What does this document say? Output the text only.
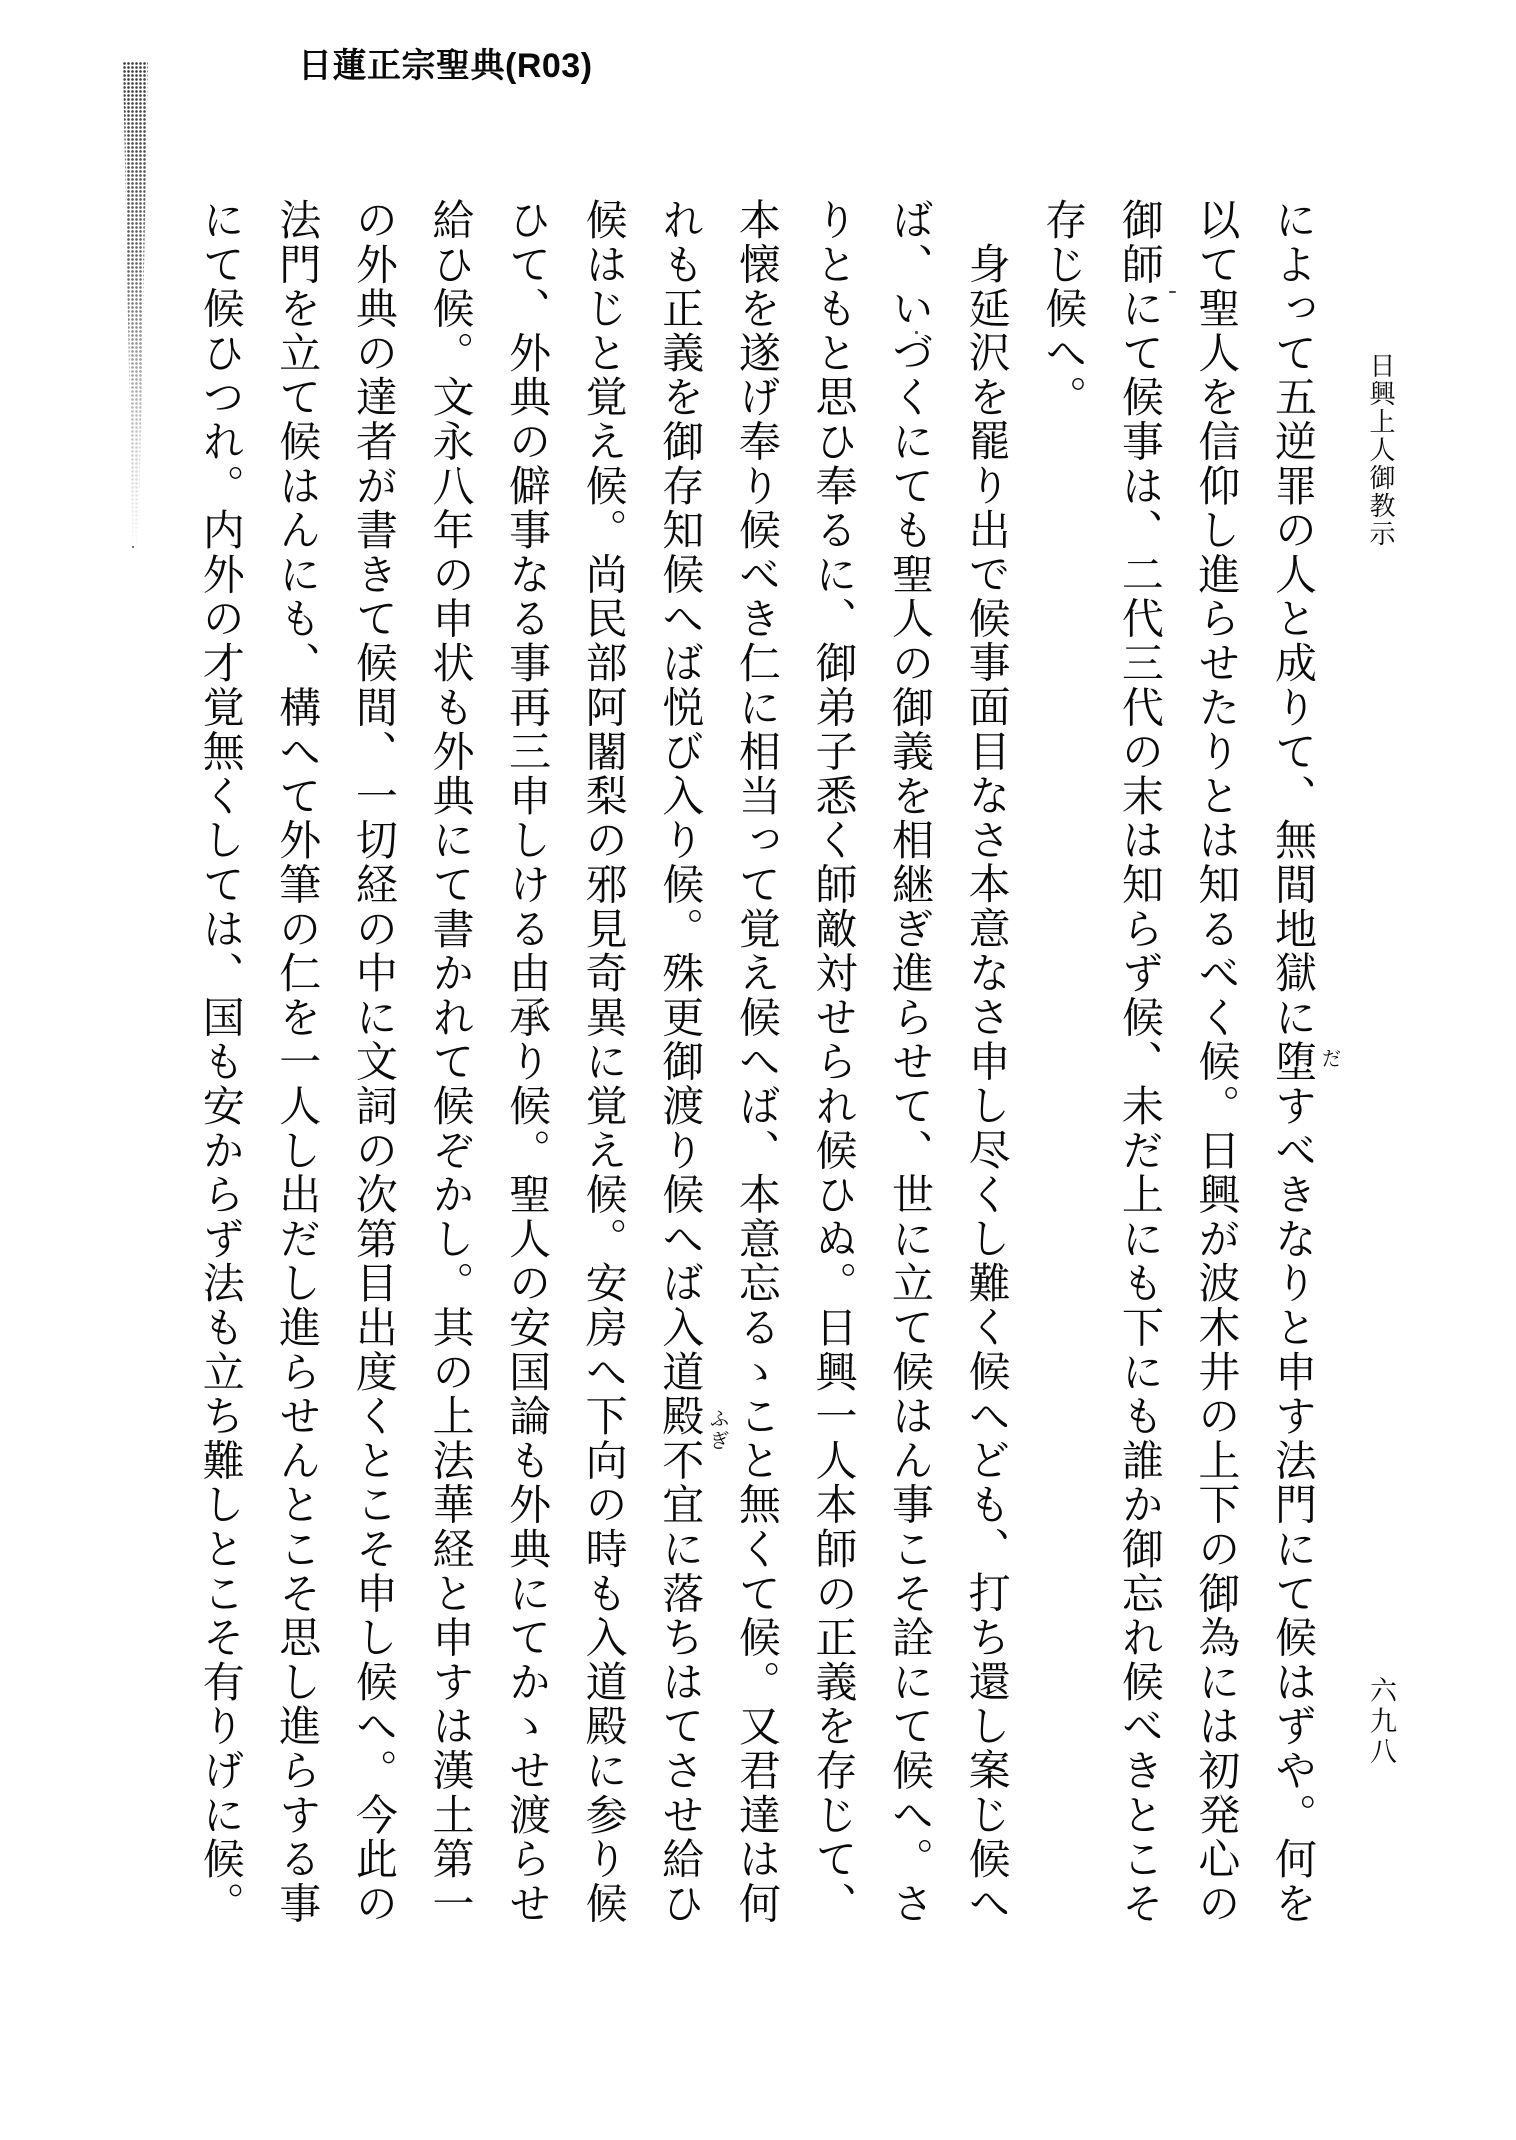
日蓮正宗聖典(R03)
日興上人御教示

によって五逆罪の人と成りて、無間地獄に堕すべきなりと申す法門にて候はずや。何を以て聖人を信仰し進らせたりとは知るべく候。日興が波木井の上下の御為には初発心の御師にて候事は、二代三代の末は知らず候、未だ上にも下にも誰か御忘れ候べきとこそ存じ候へ。

身延沢を罷り出で候事面目なさ本意なさ申し尽くし難く候へども、打ち還し案じ候へば、いづくにても聖人の御義を相継ぎ進らせて、世に立て候はん事こそ詮にて候へ。さりともと思ひ奉るに、御弟子悉く師敵対せられ候ひぬ。日興一人本師の正義を存じて、本懐を遂げ奉り候べき仁に相当って覚え候へば、本意忘るゝこと無くて候。又君達は何れも正義を御存知候へば悦び入り候。殊更御渡り候へば入道殿不宜に落ちはてさせ給ひ候はじと覚え候。尚民部阿闍梨の邪見奇異に覚え候。安房へ下向の時も入道殿に参り候ひて、外典の僻事なる事再三申しける由承り候。聖人の安国論も外典にてかゝせ渡らせ給ひ候。文永八年の申状も外典にて書かれて候ぞかし。其の上法華経と申すは漢土第一の外典の達者が書きて候間、一切経の中に文詞の次第目出度くとこそ申し候へ。今此の法門を立て候はんにも、構へて外筆の仁を一人し出だし進らせんとこそ思し進らする事にて候ひつれ。内外の才覚無くしては、国も安からず法も立ち難しとこそ有りげに候。	だ
ふぎ
六九八
